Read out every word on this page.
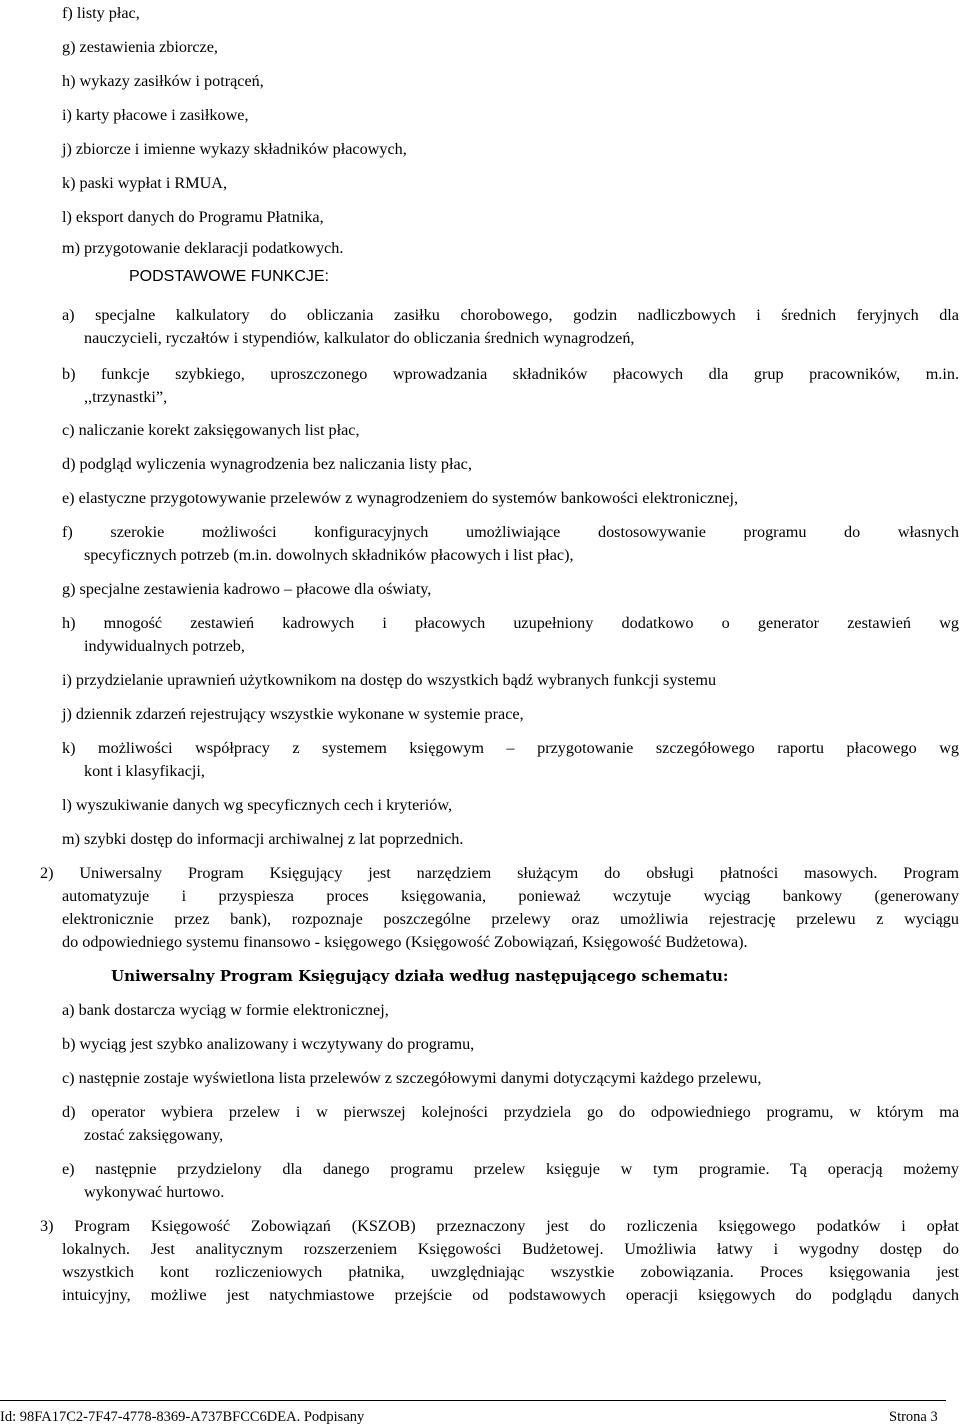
f) listy płac,
g) zestawienia zbiorcze,
h) wykazy zasiłków i potrąceń,
i) karty płacowe i zasiłkowe,
j) zbiorcze i imienne wykazy składników płacowych,
k) paski wypłat i RMUA,
l) eksport danych do Programu Płatnika,
m) przygotowanie deklaracji podatkowych.
PODSTAWOWE FUNKCJE:
a) specjalne kalkulatory do obliczania zasiłku chorobowego, godzin nadliczbowych i średnich feryjnych dla
nauczycieli, ryczałtów i stypendiów, kalkulator do obliczania średnich wynagrodzeń,
b) funkcje szybkiego, uproszczonego wprowadzania składników płacowych dla grup pracowników, m.in.
,,trzynastki”,
c) naliczanie korekt zaksięgowanych list płac,
d) podgląd wyliczenia wynagrodzenia bez naliczania listy płac,
e) elastyczne przygotowywanie przelewów z wynagrodzeniem do systemów bankowości elektronicznej,
f) szerokie możliwości konfiguracyjnych umożliwiające dostosowywanie programu do własnych
specyficznych potrzeb (m.in. dowolnych składników płacowych i list płac),
g) specjalne zestawienia kadrowo – płacowe dla oświaty,
h) mnogość zestawień kadrowych i płacowych uzupełniony dodatkowo o generator zestawień wg
indywidualnych potrzeb,
i) przydzielanie uprawnień użytkownikom na dostęp do wszystkich bądź wybranych funkcji systemu
j) dziennik zdarzeń rejestrujący wszystkie wykonane w systemie prace,
k) możliwości współpracy z systemem księgowym – przygotowanie szczegółowego raportu płacowego wg
kont i klasyfikacji,
l) wyszukiwanie danych wg specyficznych cech i kryteriów,
m) szybki dostęp do informacji archiwalnej z lat poprzednich.
2) Uniwersalny Program Księgujący jest narzędziem służącym do obsługi płatności masowych. Program
automatyzuje i przyspiesza proces księgowania, ponieważ wczytuje wyciąg bankowy (generowany
elektronicznie przez bank), rozpoznaje poszczególne przelewy oraz umożliwia rejestrację przelewu z wyciągu
do odpowiedniego systemu finansowo - księgowego (Księgowość Zobowiązań, Księgowość Budżetowa).
Uniwersalny Program Księgujący działa według następującego schematu:
a) bank dostarcza wyciąg w formie elektronicznej,
b) wyciąg jest szybko analizowany i wczytywany do programu,
c) następnie zostaje wyświetlona lista przelewów z szczegółowymi danymi dotyczącymi każdego przelewu,
d) operator wybiera przelew i w pierwszej kolejności przydziela go do odpowiedniego programu, w którym ma
zostać zaksięgowany,
e) następnie przydzielony dla danego programu przelew księguje w tym programie. Tą operacją możemy
wykonywać hurtowo.
3) Program Księgowość Zobowiązań (KSZOB) przeznaczony jest do rozliczenia księgowego podatków i opłat
lokalnych. Jest analitycznym rozszerzeniem Księgowości Budżetowej. Umożliwia łatwy i wygodny dostęp do
wszystkich kont rozliczeniowych płatnika, uwzględniając wszystkie zobowiązania. Proces księgowania jest
intuicyjny, możliwe jest natychmiastowe przejście od podstawowych operacji księgowych do podglądu danych
Id: 98FA17C2-7F47-4778-8369-A737BFCC6DEA. Podpisany	Strona 3
